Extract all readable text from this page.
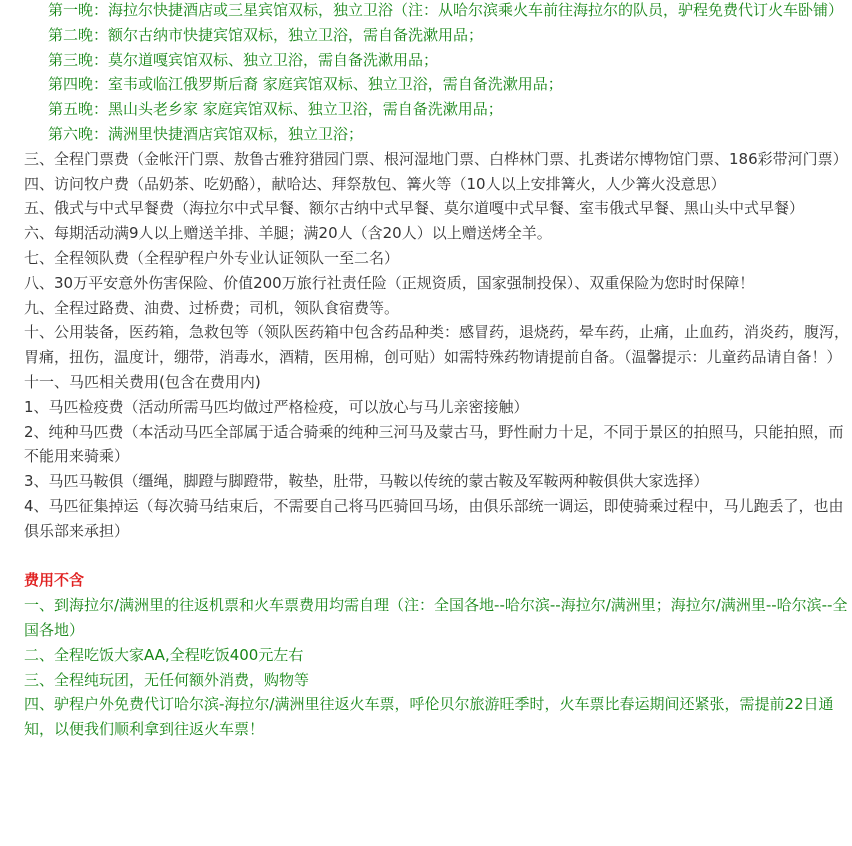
第一晚：海拉尔快捷酒店或三星宾馆双标，独立卫浴（注：从哈尔滨乘火车前往海拉尔的队员，驴程免费代订火车卧铺）

第二晚：额尔古纳市快捷宾馆双标，独立卫浴，需自备洗漱用品；

第三晚：莫尔道嘎宾馆双标、独立卫浴，需自备洗漱用品；

第四晚：室韦或临江俄罗斯后裔 家庭宾馆双标、独立卫浴，需自备洗漱用品；

第五晚：黑山头老乡家 家庭宾馆双标、独立卫浴，需自备洗漱用品；

第六晚：满洲里快捷酒店宾馆双标，独立卫浴；

三、全程门票费（金帐汗门票、敖鲁古雅狩猎园门票、根河湿地门票、白桦林门票、扎赉诺尔博物馆门票、186彩带河门票）

四、访问牧户费（品奶茶、吃奶酪），献哈达、拜祭敖包、篝火等（10人以上安排篝火，人少篝火没意思）

五、俄式与中式早餐费（海拉尔中式早餐、额尔古纳中式早餐、莫尔道嘎中式早餐、室韦俄式早餐、黑山头中式早餐）

六、每期活动满9人以上赠送羊排、羊腿；满20人（含20人）以上赠送烤全羊。

七、全程领队费（全程驴程户外专业认证领队一至二名）

八、30万平安意外伤害保险、价值200万旅行社责任险（正规资质，国家强制投保）、双重保险为您时时保障！

九、全程过路费、油费、过桥费；司机，领队食宿费等。

十、公用装备，医药箱，急救包等（领队医药箱中包含药品种类：感冒药，退烧药，晕车药，止痛，止血药，消炎药，腹泻，胃痛，扭伤，温度计，绷带，消毒水，酒精，医用棉，创可贴）如需特殊药物请提前自备。（温馨提示：儿童药品请自备！）

十一、马匹相关费用(包含在费用内)

1、马匹检疫费（活动所需马匹均做过严格检疫，可以放心与马儿亲密接触）

2、纯种马匹费（本活动马匹全部属于适合骑乘的纯种三河马及蒙古马，野性耐力十足，不同于景区的拍照马，只能拍照，而不能用来骑乘）

3、马匹马鞍俱（缰绳，脚蹬与脚蹬带，鞍垫，肚带，马鞍以传统的蒙古鞍及军鞍两种鞍俱供大家选择）

4、马匹征集掉运（每次骑马结束后，不需要自己将马匹骑回马场，由俱乐部统一调运，即使骑乘过程中，马儿跑丢了，也由俱乐部来承担）

费用不含

一、到海拉尔/满洲里的往返机票和火车票费用均需自理（注：全国各地--哈尔滨--海拉尔/满洲里；海拉尔/满洲里--哈尔滨--全国各地）

二、全程吃饭大家AA,全程吃饭400元左右

三、全程纯玩团，无任何额外消费，购物等

四、驴程户外免费代订哈尔滨-海拉尔/满洲里往返火车票，呼伦贝尔旅游旺季时，火车票比春运期间还紧张，需提前22日通知，以便我们顺利拿到往返火车票！
